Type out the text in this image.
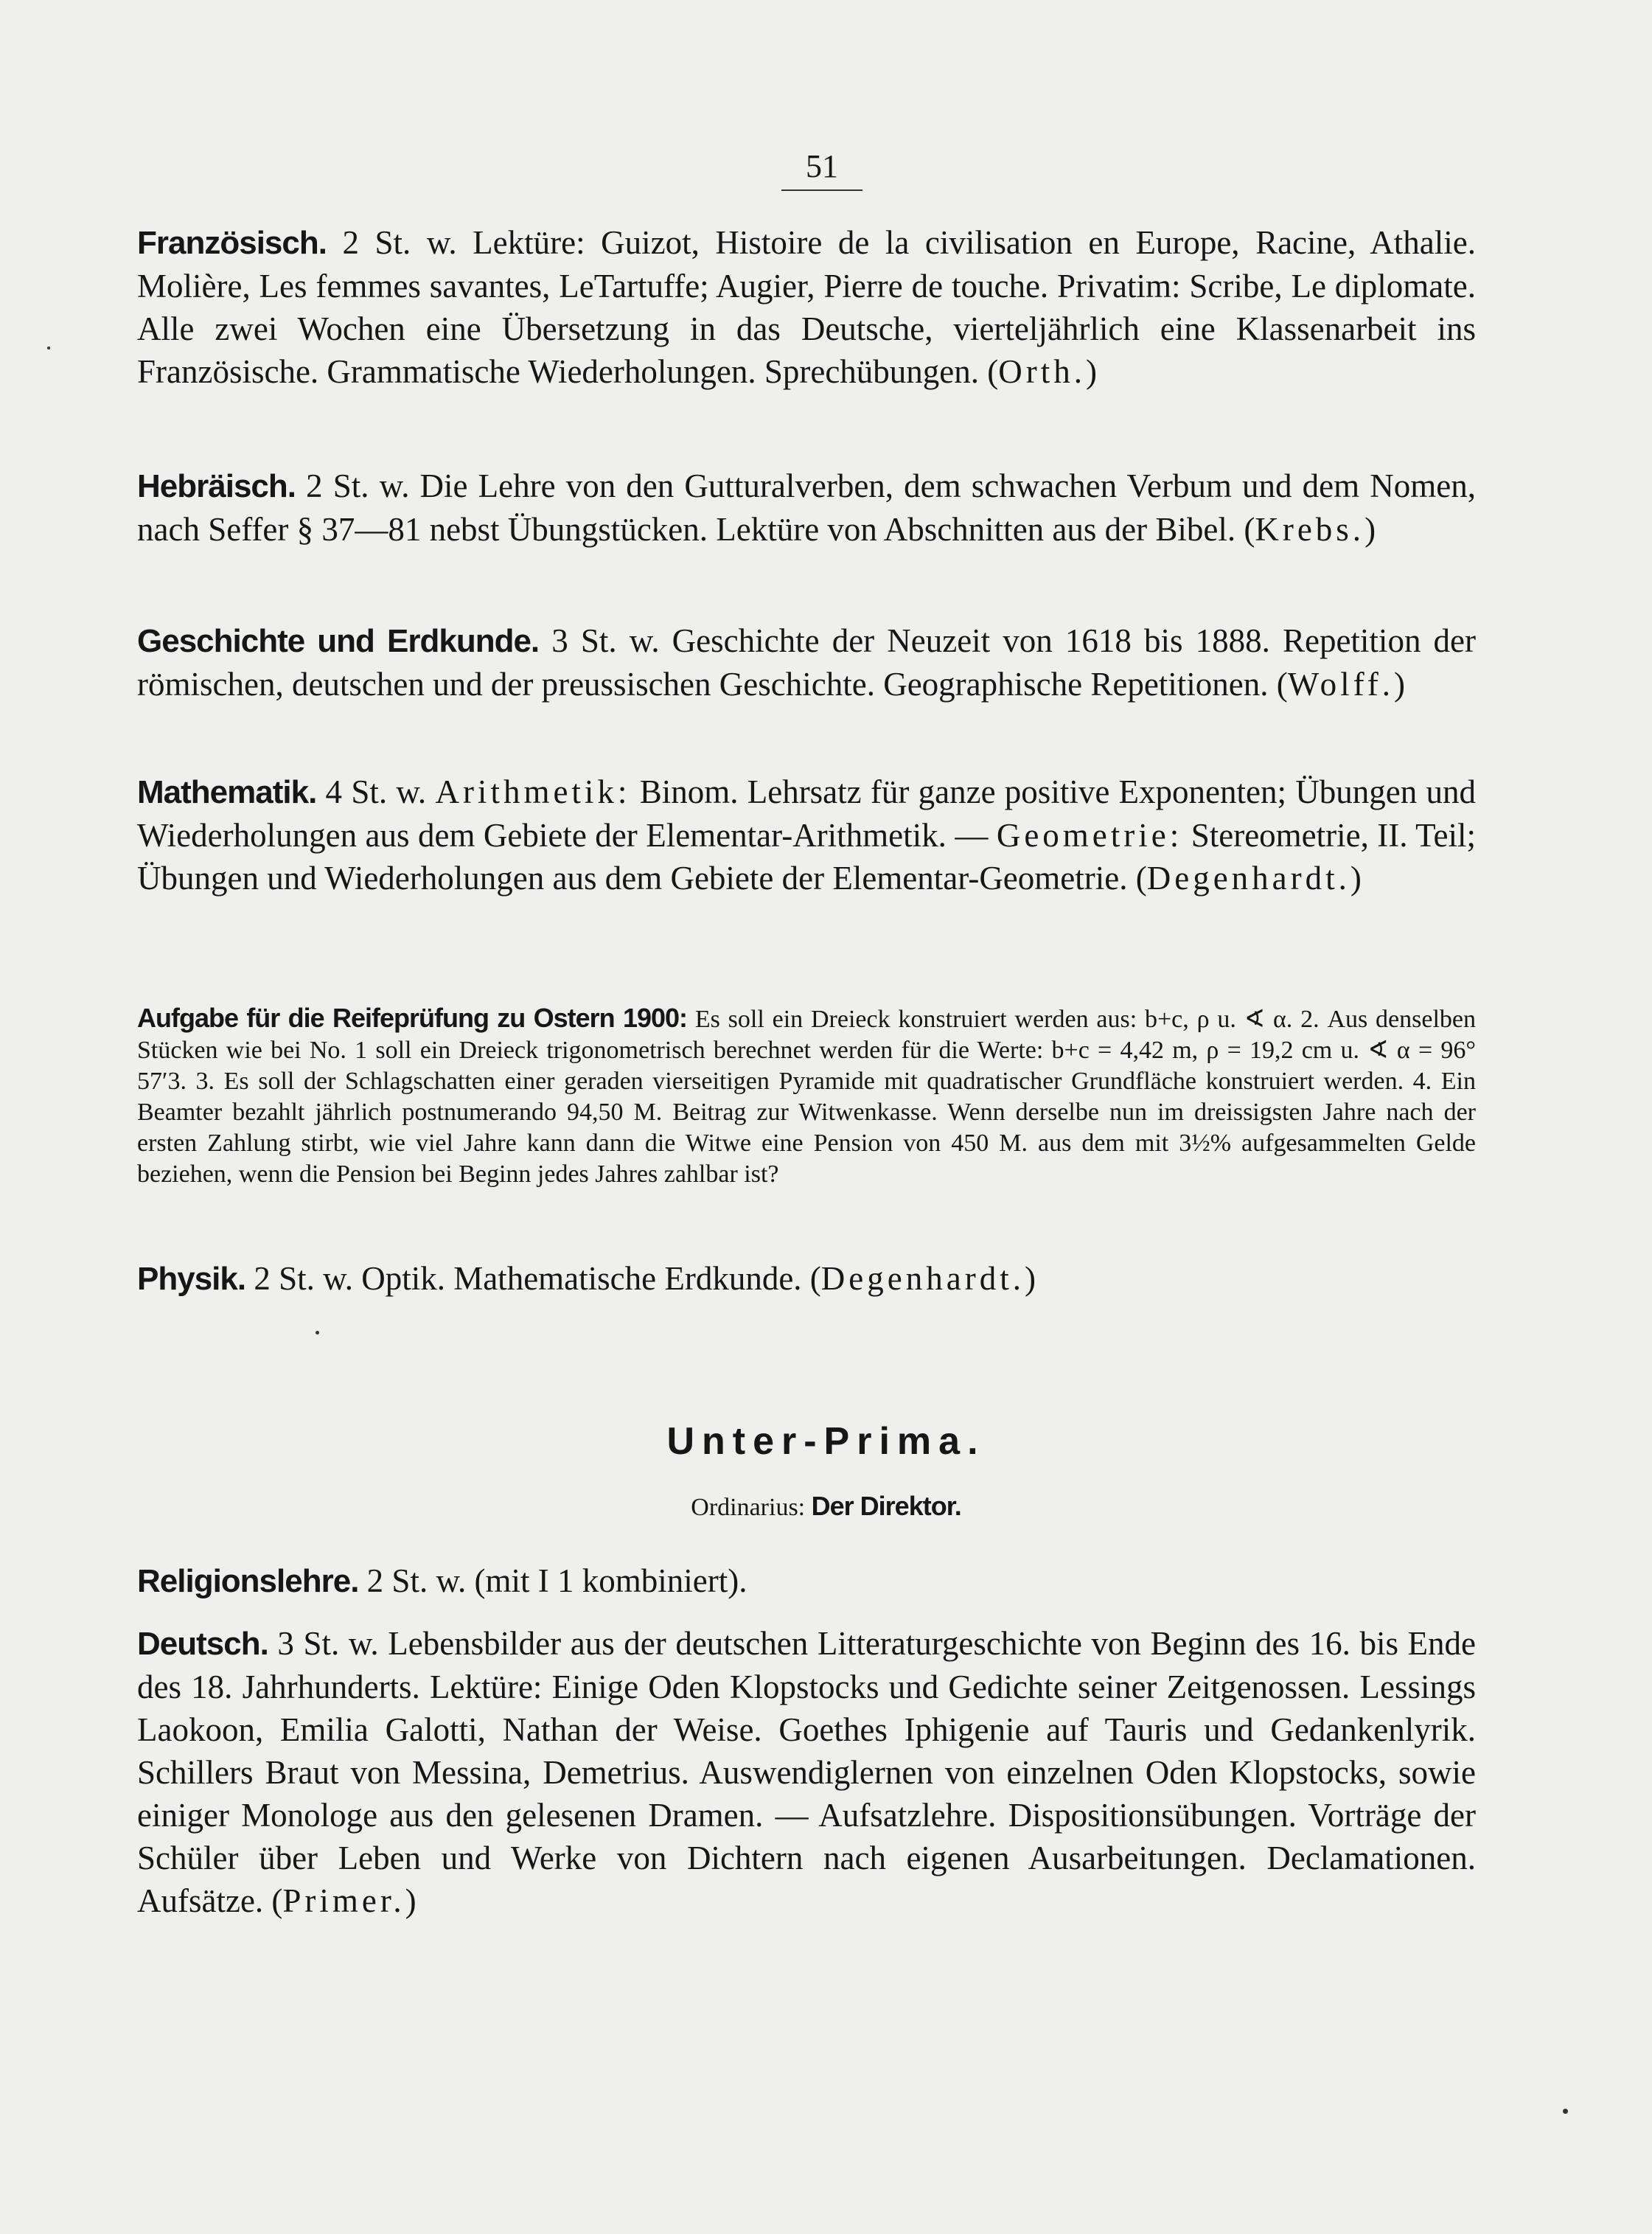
51

Französisch. 2 St. w. Lektüre: Guizot, Histoire de la civilisation en Europe, Racine, Athalie. Molière, Les femmes savantes, LeTartuffe; Augier, Pierre de touche. Privatim: Scribe, Le diplomate. Alle zwei Wochen eine Übersetzung in das Deutsche, vierteljährlich eine Klassenarbeit ins Französische. Grammatische Wiederholungen. Sprechübungen. (Orth.)

Hebräisch. 2 St. w. Die Lehre von den Gutturalverben, dem schwachen Verbum und dem Nomen, nach Seffer § 37—81 nebst Übungstücken. Lektüre von Abschnitten aus der Bibel. (Krebs.)

Geschichte und Erdkunde. 3 St. w. Geschichte der Neuzeit von 1618 bis 1888. Repetition der römischen, deutschen und der preussischen Geschichte. Geographische Repetitionen. (Wolff.)

Mathematik. 4 St. w. Arithmetik: Binom. Lehrsatz für ganze positive Exponenten; Übungen und Wiederholungen aus dem Gebiete der Elementar-Arithmetik. — Geometrie: Stereometrie, II. Teil; Übungen und Wiederholungen aus dem Gebiete der Elementar-Geometrie. (Degenhardt.)

Aufgabe für die Reifeprüfung zu Ostern 1900: Es soll ein Dreieck konstruiert werden aus: b+c, ρ u. ∢ α. 2. Aus denselben Stücken wie bei No. 1 soll ein Dreieck trigonometrisch berechnet werden für die Werte: b+c = 4,42 m, ρ = 19,2 cm u. ∢ α = 96° 57′3. 3. Es soll der Schlagschatten einer geraden vierseitigen Pyramide mit quadratischer Grundfläche konstruiert werden. 4. Ein Beamter bezahlt jährlich postnumerando 94,50 M. Beitrag zur Witwenkasse. Wenn derselbe nun im dreissigsten Jahre nach der ersten Zahlung stirbt, wie viel Jahre kann dann die Witwe eine Pension von 450 M. aus dem mit 3½% aufgesammelten Gelde beziehen, wenn die Pension bei Beginn jedes Jahres zahlbar ist?

Physik. 2 St. w. Optik. Mathematische Erdkunde. (Degenhardt.)

Unter-Prima.
Ordinarius: Der Direktor.

Religionslehre. 2 St. w. (mit I 1 kombiniert).

Deutsch. 3 St. w. Lebensbilder aus der deutschen Litteraturgeschichte von Beginn des 16. bis Ende des 18. Jahrhunderts. Lektüre: Einige Oden Klopstocks und Gedichte seiner Zeitgenossen. Lessings Laokoon, Emilia Galotti, Nathan der Weise. Goethes Iphigenie auf Tauris und Gedankenlyrik. Schillers Braut von Messina, Demetrius. Auswendiglernen von einzelnen Oden Klopstocks, sowie einiger Monologe aus den gelesenen Dramen. — Aufsatzlehre. Dispositionsübungen. Vorträge der Schüler über Leben und Werke von Dichtern nach eigenen Ausarbeitungen. Declamationen. Aufsätze. (Primer.)
